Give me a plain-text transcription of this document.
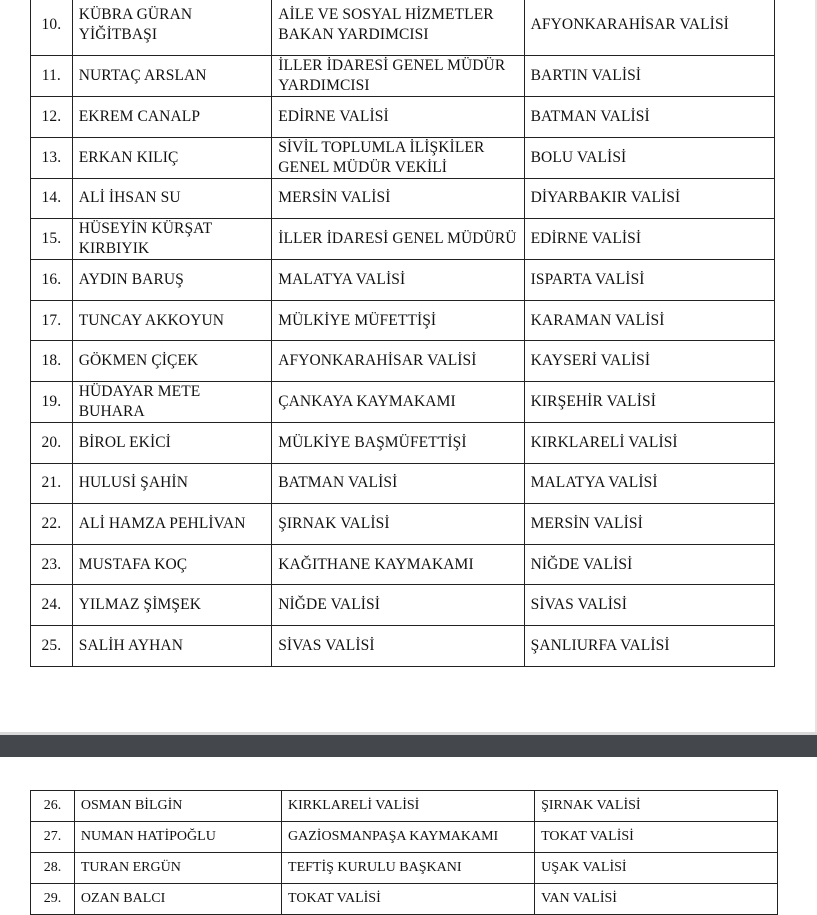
10.	KÜBRA GÜRAN YİĞİTBAŞI	AİLE VE SOSYAL HİZMETLER BAKAN YARDIMCISI	AFYONKARAHİSAR VALİSİ
11.	NURTAÇ ARSLAN	İLLER İDARESİ GENEL MÜDÜR YARDIMCISI	BARTIN VALİSİ
12.	EKREM CANALP	EDİRNE VALİSİ	BATMAN VALİSİ
13.	ERKAN KILIÇ	SİVİL TOPLUMLA İLİŞKİLER GENEL MÜDÜR VEKİLİ	BOLU VALİSİ
14.	ALİ İHSAN SU	MERSİN VALİSİ	DİYARBAKIR VALİSİ
15.	HÜSEYİN KÜRŞAT KIRBIYIK	İLLER İDARESİ GENEL MÜDÜRÜ	EDİRNE VALİSİ
16.	AYDIN BARUŞ	MALATYA VALİSİ	ISPARTA VALİSİ
17.	TUNCAY AKKOYUN	MÜLKİYE MÜFETTİŞİ	KARAMAN VALİSİ
18.	GÖKMEN ÇİÇEK	AFYONKARAHİSAR VALİSİ	KAYSERİ VALİSİ
19.	HÜDAYAR METE BUHARA	ÇANKAYA KAYMAKAMI	KIRŞEHİR VALİSİ
20.	BİROL EKİCİ	MÜLKİYE BAŞMÜFETTİŞİ	KIRKLARELİ VALİSİ
21.	HULUSİ ŞAHİN	BATMAN VALİSİ	MALATYA VALİSİ
22.	ALİ HAMZA PEHLİVAN	ŞIRNAK VALİSİ	MERSİN VALİSİ
23.	MUSTAFA KOÇ	KAĞITHANE KAYMAKAMI	NİĞDE VALİSİ
24.	YILMAZ ŞİMŞEK	NİĞDE VALİSİ	SİVAS VALİSİ
25.	SALİH AYHAN	SİVAS VALİSİ	ŞANLIURFA VALİSİ
26.	OSMAN BİLGİN	KIRKLARELİ VALİSİ	ŞIRNAK VALİSİ
27.	NUMAN HATİPOĞLU	GAZİOSMANPAŞA KAYMAKAMI	TOKAT VALİSİ
28.	TURAN ERGÜN	TEFTİŞ KURULU BAŞKANI	UŞAK VALİSİ
29.	OZAN BALCI	TOKAT VALİSİ	VAN VALİSİ
